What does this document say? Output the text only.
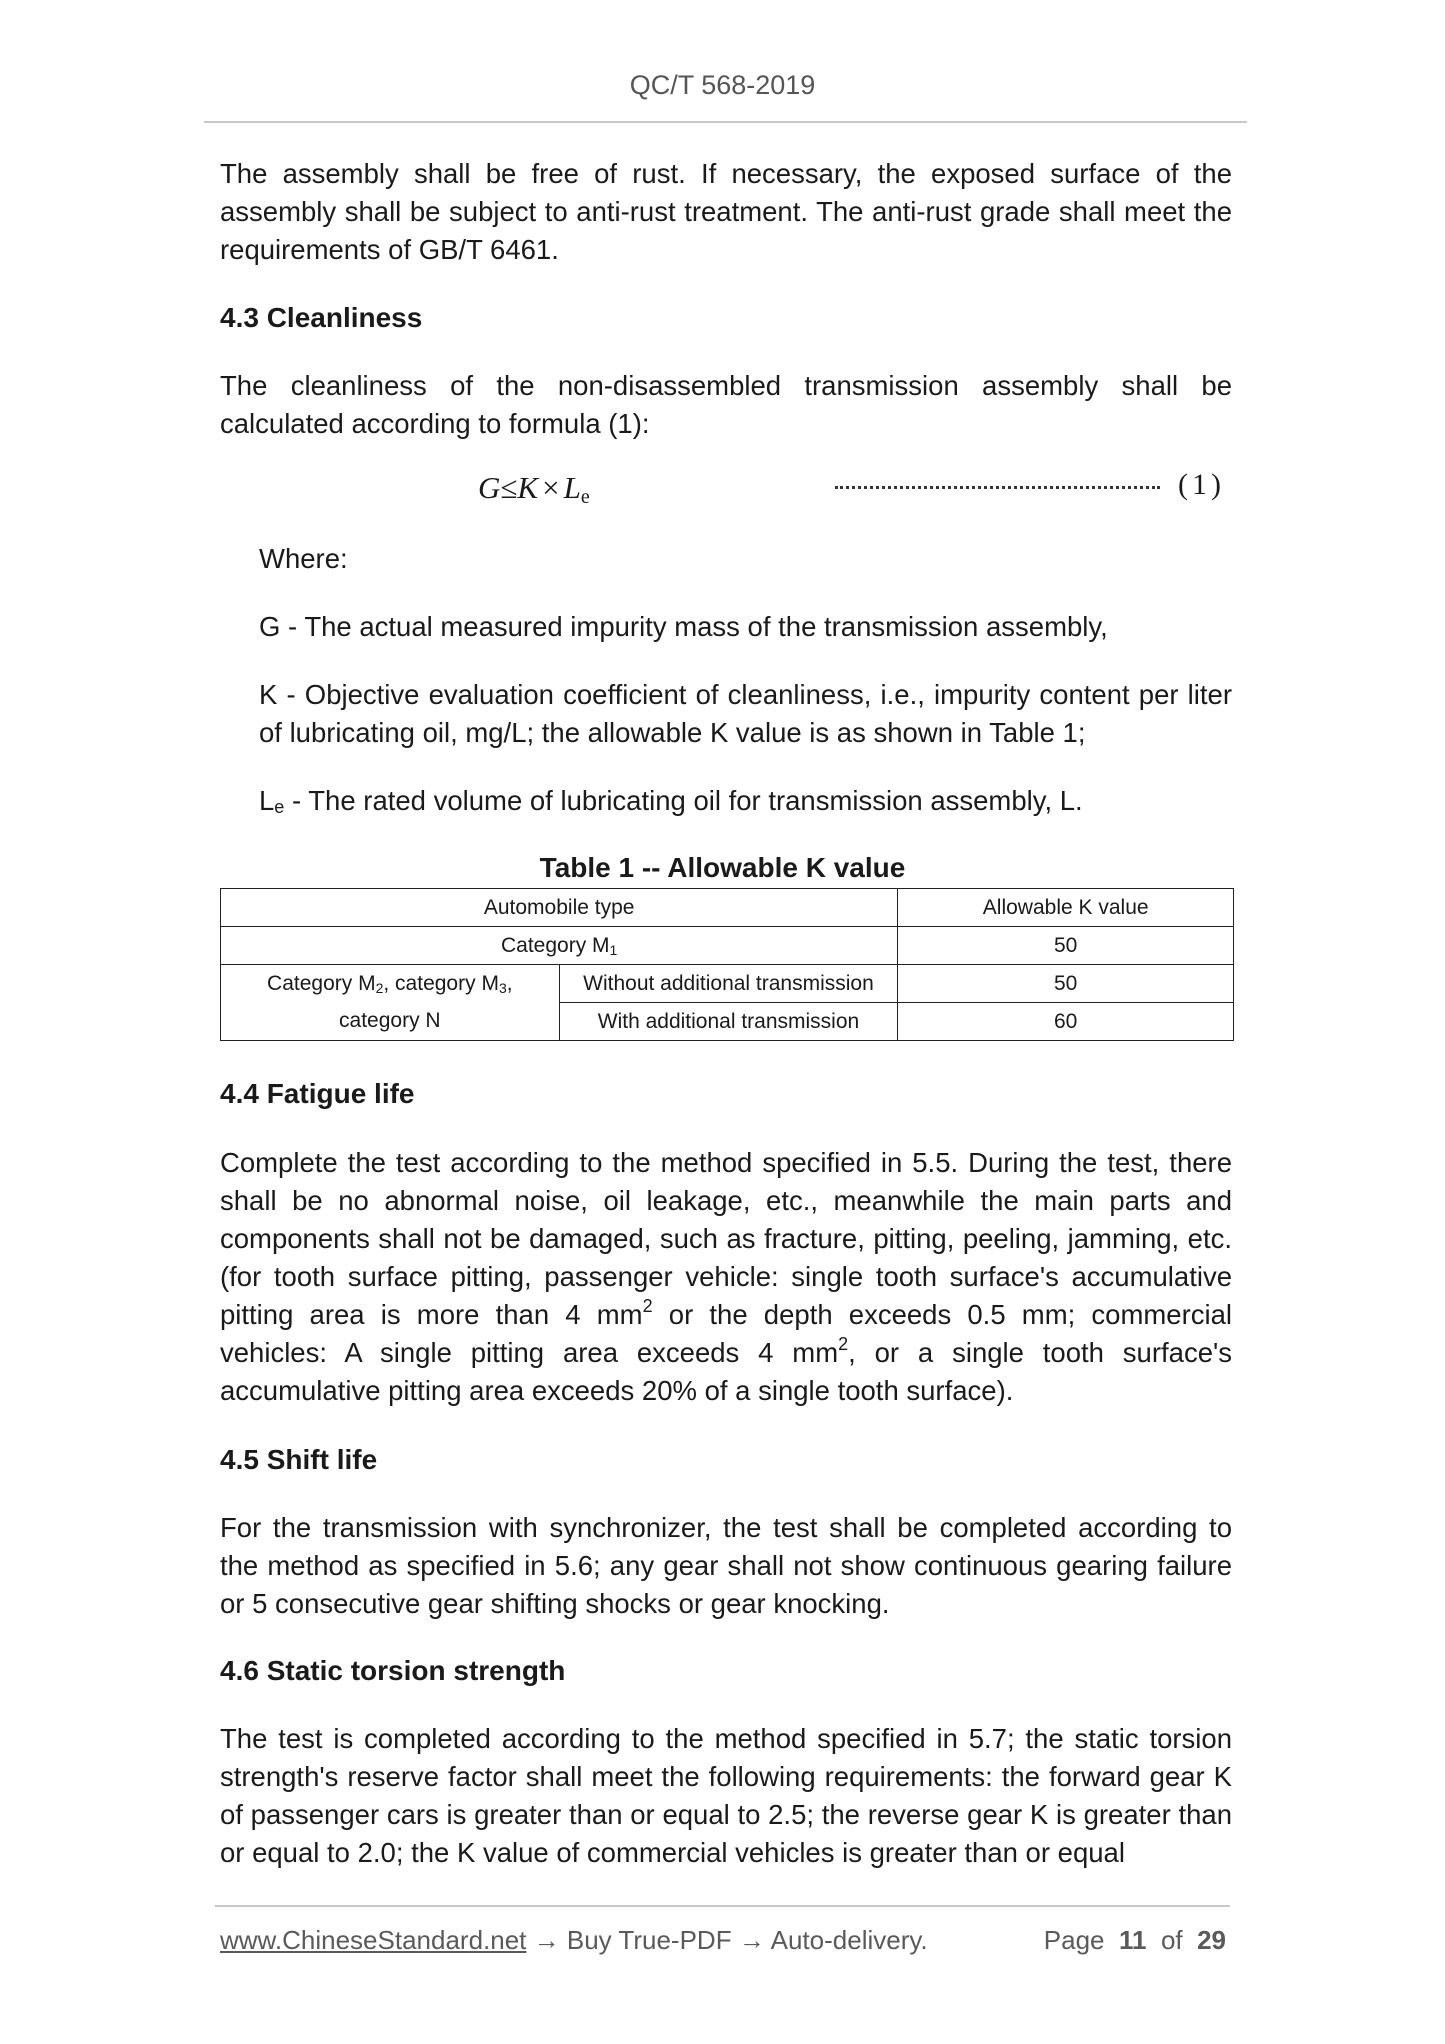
QC/T 568-2019

The assembly shall be free of rust. If necessary, the exposed surface of the assembly shall be subject to anti-rust treatment. The anti-rust grade shall meet the requirements of GB/T 6461.

4.3 Cleanliness

The cleanliness of the non-disassembled transmission assembly shall be calculated according to formula (1):

G≤K × Le	(1)

Where:

G - The actual measured impurity mass of the transmission assembly,

K - Objective evaluation coefficient of cleanliness, i.e., impurity content per liter of lubricating oil, mg/L; the allowable K value is as shown in Table 1;

Le - The rated volume of lubricating oil for transmission assembly, L.

Table 1 -- Allowable K value
Automobile type		Allowable K value
Category $M_1$		50
Category $M_2$, category $M_3$,	Without additional transmission	50
category N	With additional transmission	60
4.4 Fatigue life

Complete the test according to the method specified in 5.5. During the test, there shall be no abnormal noise, oil leakage, etc., meanwhile the main parts and components shall not be damaged, such as fracture, pitting, peeling, jamming, etc. (for tooth surface pitting, passenger vehicle: single tooth surface's accumulative pitting area is more than 4 $mm^2$ or the depth exceeds 0.5 mm; commercial vehicles: A single pitting area exceeds 4 $mm^2$, or a single tooth surface's accumulative pitting area exceeds 20% of a single tooth surface).

4.5 Shift life

For the transmission with synchronizer, the test shall be completed according to the method as specified in 5.6; any gear shall not show continuous gearing failure or 5 consecutive gear shifting shocks or gear knocking.

4.6 Static torsion strength

The test is completed according to the method specified in 5.7; the static torsion strength's reserve factor shall meet the following requirements: the forward gear K of passenger cars is greater than or equal to 2.5; the reverse gear K is greater than or equal to 2.0; the K value of commercial vehicles is greater than or equal

www.ChineseStandard.net → Buy True-PDF → Auto-delivery.	Page 11 of 29
